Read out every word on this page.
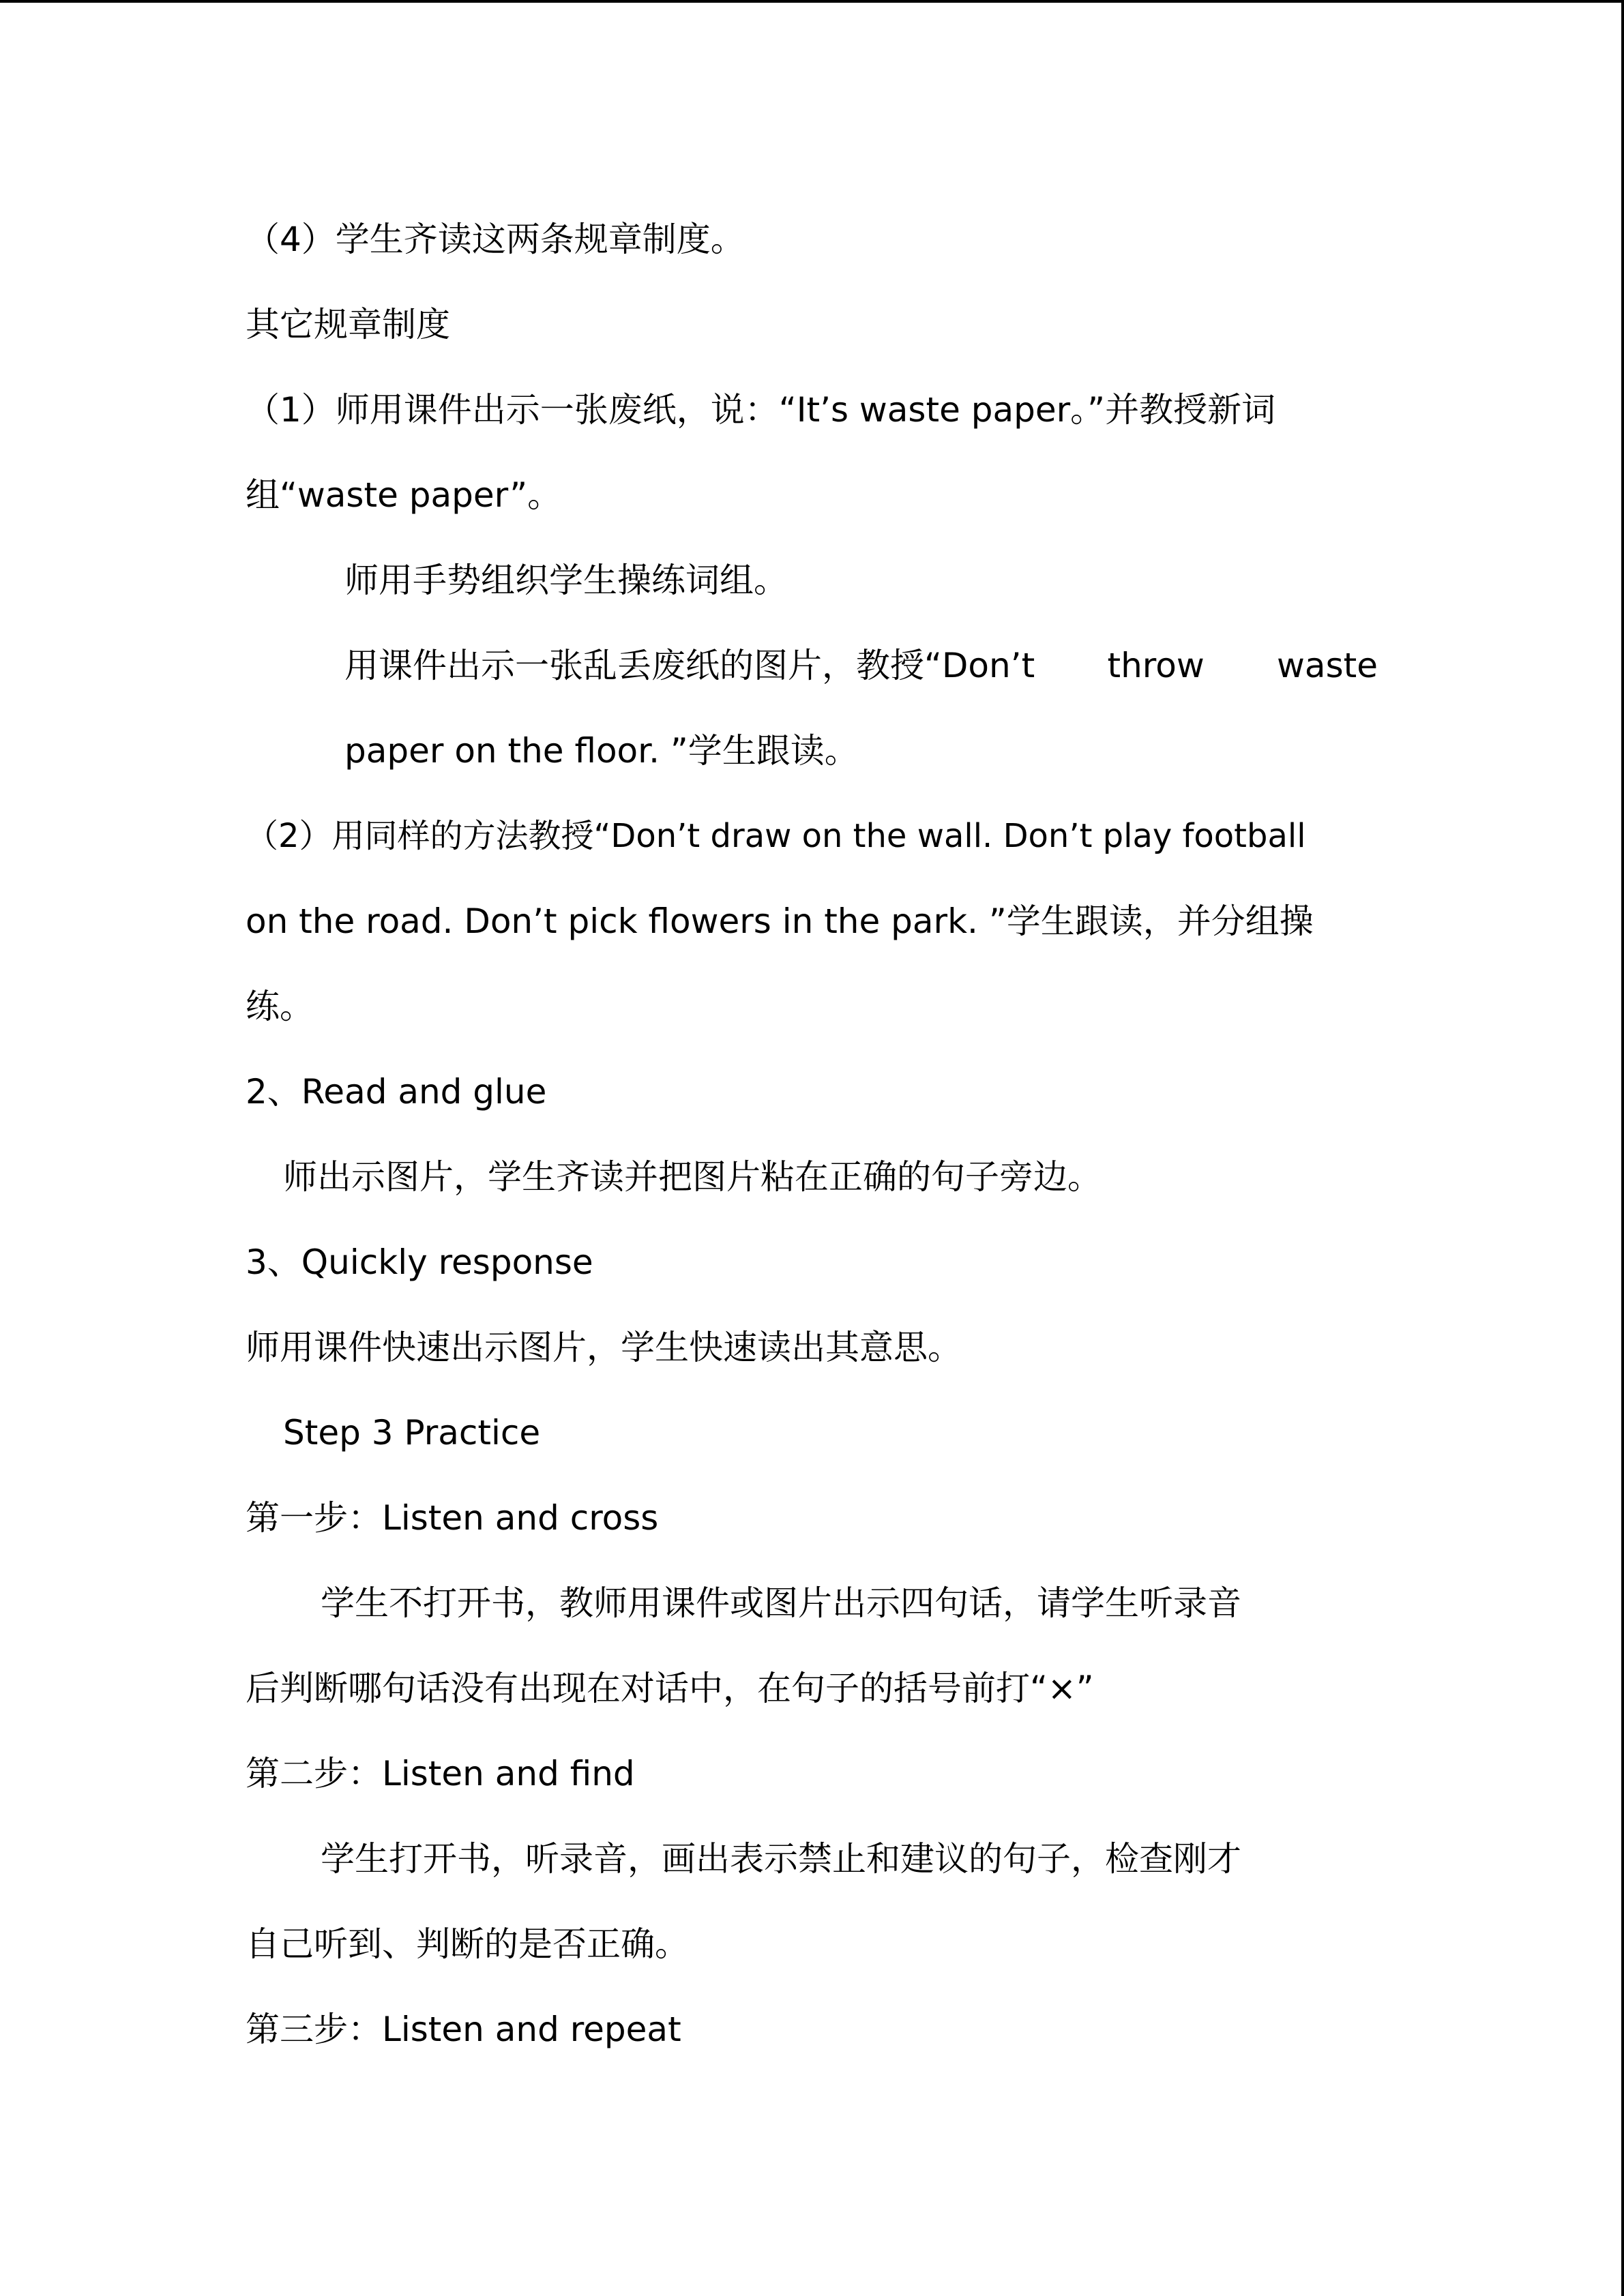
（4）学生齐读这两条规章制度。
其它规章制度
（1）师用课件出示一张废纸，说：“It’s waste paper。”并教授新词
组“waste paper”。
师用手势组织学生操练词组。
用课件出示一张乱丢废纸的图片，教授“Don’t throw waste
paper on the floor. ”学生跟读。
（2）用同样的方法教授“Don’t draw on the wall. Don’t play football
on the road. Don’t pick flowers in the park. ”学生跟读，并分组操
练。
2、Read and glue
师出示图片，学生齐读并把图片粘在正确的句子旁边。
3、Quickly response
师用课件快速出示图片，学生快速读出其意思。
Step 3 Practice
第一步：Listen and cross
学生不打开书，教师用课件或图片出示四句话，请学生听录音
后判断哪句话没有出现在对话中，在句子的括号前打“×”
第二步：Listen and find
学生打开书，听录音，画出表示禁止和建议的句子，检查刚才
自己听到、判断的是否正确。
第三步：Listen and repeat
